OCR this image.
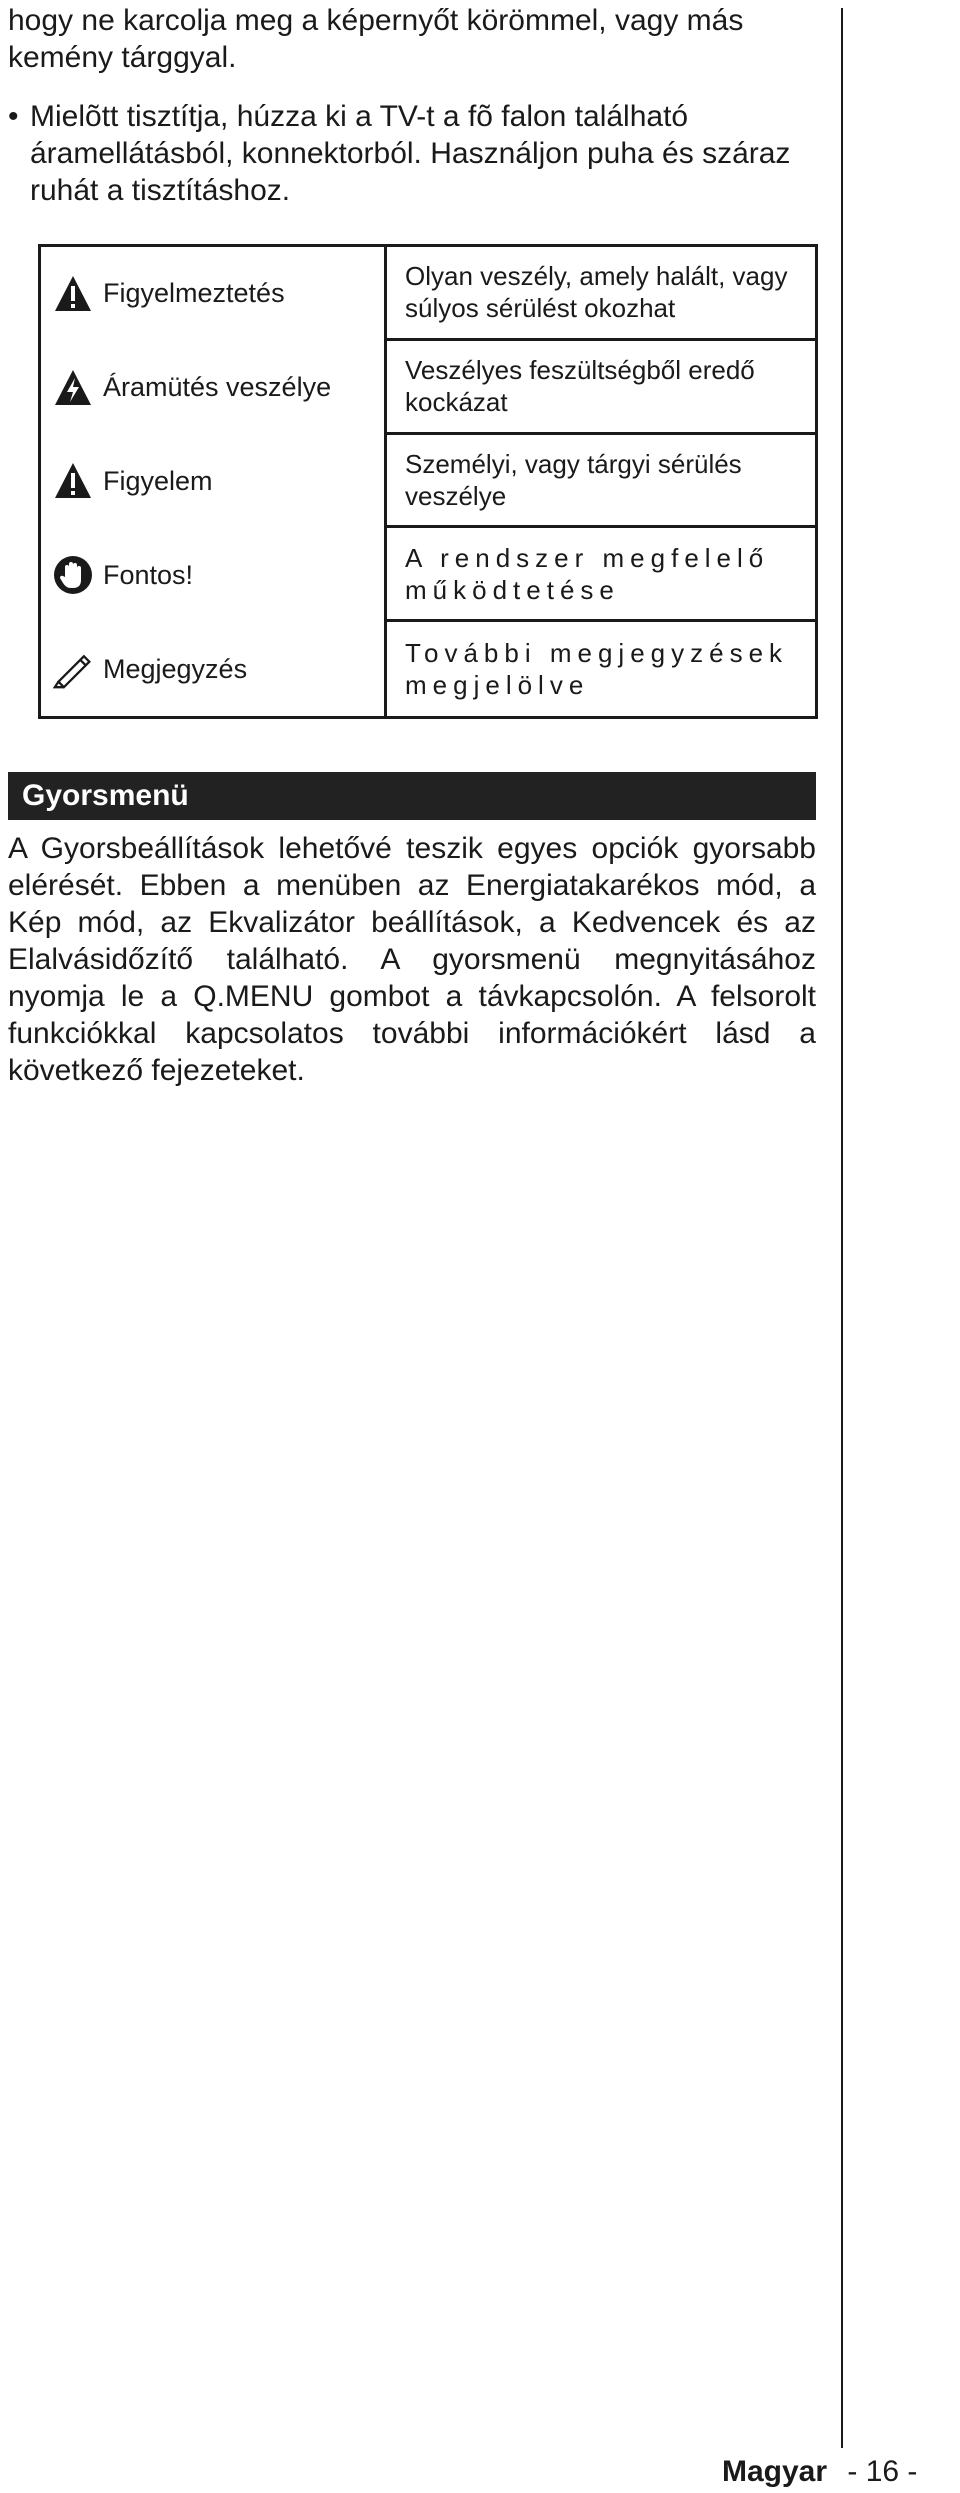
hogy ne karcolja meg a képernyőt körömmel, vagy más kemény tárggyal.

• Mielõtt tisztítja, húzza ki a TV-t a fõ falon található áramellátásból, konnektorból. Használjon puha és száraz ruhát a tisztításhoz.
Figyelmeztetés
Olyan veszély, amely halált, vagy súlyos sérülést okozhat
Áramütés veszélye
Veszélyes feszültségből eredő kockázat
Figyelem
Személyi, vagy tárgyi sérülés veszélye
Fontos!
A rendszer megfelelő működtetése
Megjegyzés
További megjegyzések megjelölve
Gyorsmenü

A Gyorsbeállítások lehetővé teszik egyes opciók gyorsabb elérését. Ebben a menüben az Energiatakarékos mód, a Kép mód, az Ekvalizátor beállítások, a Kedvencek és az Elalvásidőzítő található. A gyorsmenü megnyitásához nyomja le a Q.MENU gombot a távkapcsolón. A felsorolt funkciókkal kapcsolatos további információkért lásd a következő fejezeteket.

Magyar - 16 -
